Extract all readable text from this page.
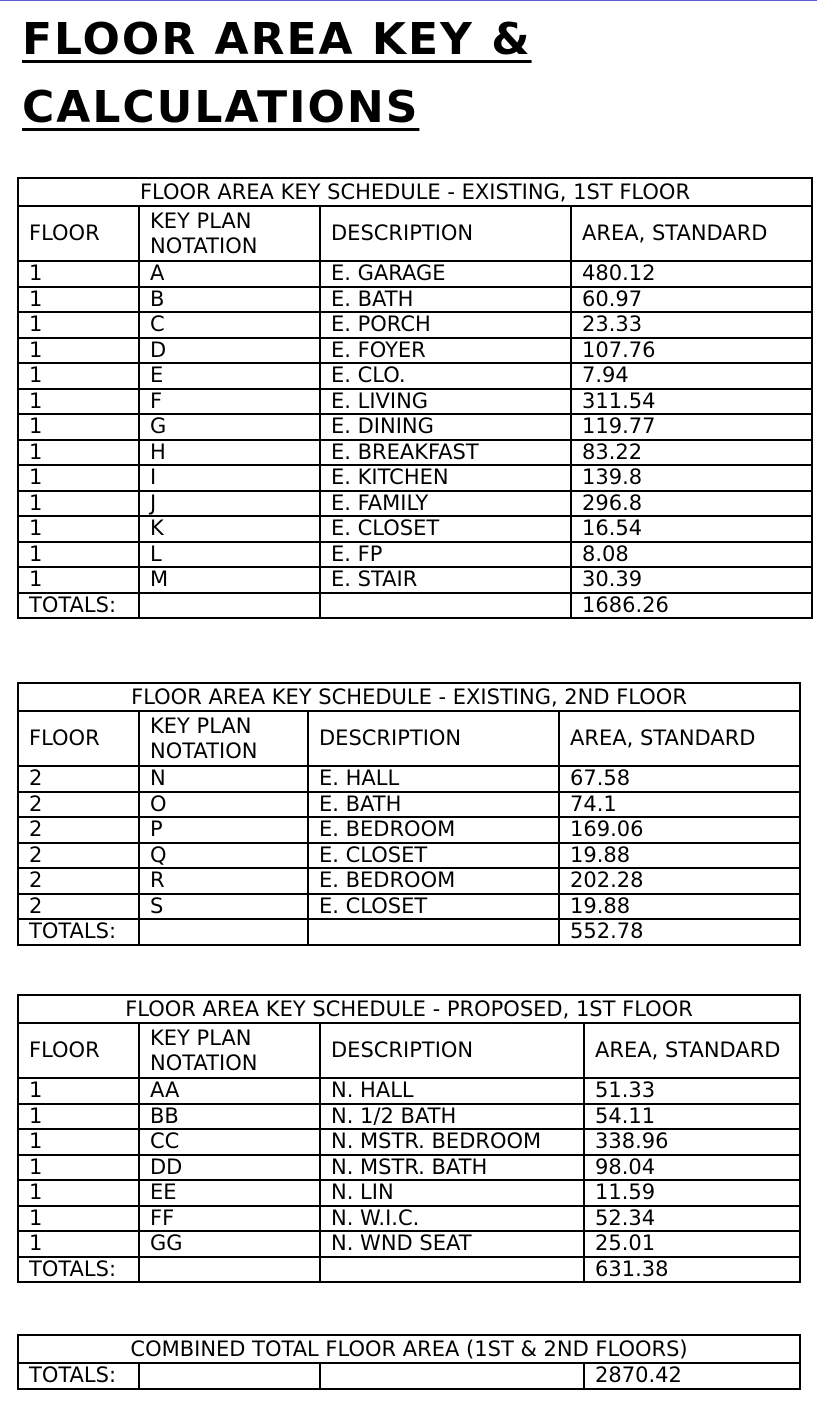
FLOOR AREA KEY &
CALCULATIONS
FLOOR AREA KEY SCHEDULE - EXISTING, 1ST FLOOR			
FLOOR	KEY PLAN NOTATION	DESCRIPTION	AREA, STANDARD
1	A	E. GARAGE	480.12
1	B	E. BATH	60.97
1	C	E. PORCH	23.33
1	D	E. FOYER	107.76
1	E	E. CLO.	7.94
1	F	E. LIVING	311.54
1	G	E. DINING	119.77
1	H	E. BREAKFAST	83.22
1	I	E. KITCHEN	139.8
1	J	E. FAMILY	296.8
1	K	E. CLOSET	16.54
1	L	E. FP	8.08
1	M	E. STAIR	30.39
TOTALS:			1686.26
FLOOR AREA KEY SCHEDULE - EXISTING, 2ND FLOOR			
FLOOR	KEY PLAN NOTATION	DESCRIPTION	AREA, STANDARD
2	N	E. HALL	67.58
2	O	E. BATH	74.1
2	P	E. BEDROOM	169.06
2	Q	E. CLOSET	19.88
2	R	E. BEDROOM	202.28
2	S	E. CLOSET	19.88
TOTALS:			552.78
FLOOR AREA KEY SCHEDULE - PROPOSED, 1ST FLOOR			
FLOOR	KEY PLAN NOTATION	DESCRIPTION	AREA, STANDARD
1	AA	N. HALL	51.33
1	BB	N. 1/2 BATH	54.11
1	CC	N. MSTR. BEDROOM	338.96
1	DD	N. MSTR. BATH	98.04
1	EE	N. LIN	11.59
1	FF	N. W.I.C.	52.34
1	GG	N. WND SEAT	25.01
TOTALS:			631.38
COMBINED TOTAL FLOOR AREA (1ST & 2ND FLOORS)
TOTALS:			2870.42
